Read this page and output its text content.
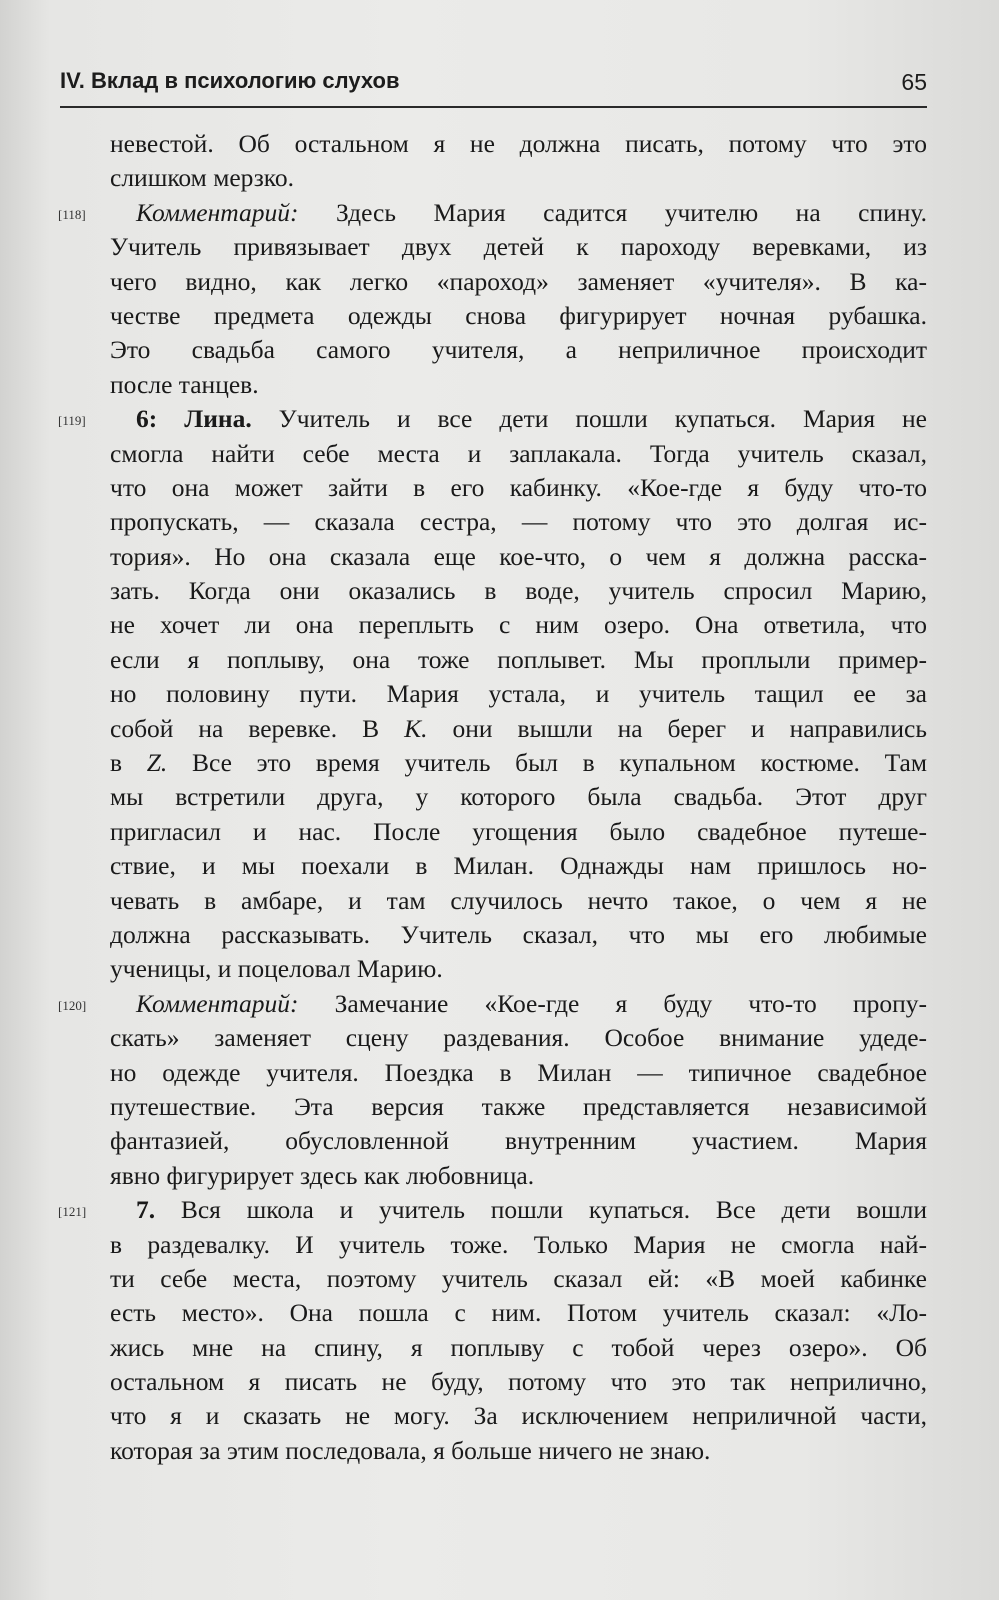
IV. Вклад в психологию слухов	65

невестой. Об остальном я не должна писать, потому что это
слишком мерзко.

[118]	Комментарий: Здесь Мария садится учителю на спину.
Учитель привязывает двух детей к пароходу веревками, из
чего видно, как легко «пароход» заменяет «учителя». В ка-
честве предмета одежды снова фигурирует ночная рубашка.
Это свадьба самого учителя, а неприличное происходит
после танцев.

[119]	6: Лина. Учитель и все дети пошли купаться. Мария не
смогла найти себе места и заплакала. Тогда учитель сказал,
что она может зайти в его кабинку. «Кое-где я буду что-то
пропускать, — сказала сестра, — потому что это долгая ис-
тория». Но она сказала еще кое-что, о чем я должна расска-
зать. Когда они оказались в воде, учитель спросил Марию,
не хочет ли она переплыть с ним озеро. Она ответила, что
если я поплыву, она тоже поплывет. Мы проплыли пример-
но половину пути. Мария устала, и учитель тащил ее за
собой на веревке. В K. они вышли на берег и направились
в Z. Все это время учитель был в купальном костюме. Там
мы встретили друга, у которого была свадьба. Этот друг
пригласил и нас. После угощения было свадебное путеше-
ствие, и мы поехали в Милан. Однажды нам пришлось но-
чевать в амбаре, и там случилось нечто такое, о чем я не
должна рассказывать. Учитель сказал, что мы его любимые
ученицы, и поцеловал Марию.

[120]	Комментарий: Замечание «Кое-где я буду что-то пропу-
скать» заменяет сцену раздевания. Особое внимание удеде-
но одежде учителя. Поездка в Милан — типичное свадебное
путешествие. Эта версия также представляется независимой
фантазией, обусловленной внутренним участием. Мария
явно фигурирует здесь как любовница.

[121]	7. Вся школа и учитель пошли купаться. Все дети вошли
в раздевалку. И учитель тоже. Только Мария не смогла най-
ти себе места, поэтому учитель сказал ей: «В моей кабинке
есть место». Она пошла с ним. Потом учитель сказал: «Ло-
жись мне на спину, я поплыву с тобой через озеро». Об
остальном я писать не буду, потому что это так неприлично,
что я и сказать не могу. За исключением неприличной части,
которая за этим последовала, я больше ничего не знаю.
